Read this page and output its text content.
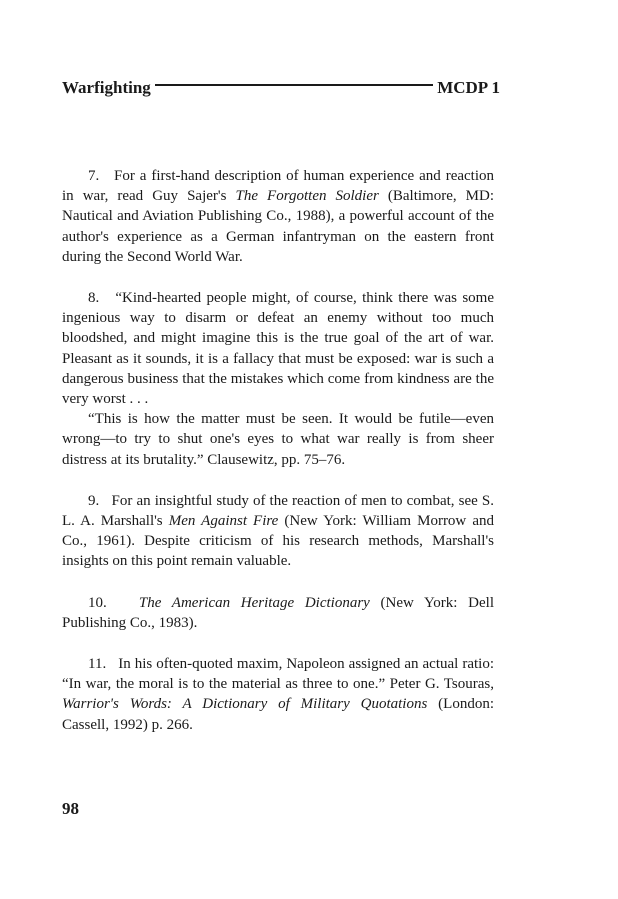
Warfighting	MCDP 1

7. For a first-hand description of human experience and reaction in war, read Guy Sajer's The Forgotten Soldier (Baltimore, MD: Nautical and Aviation Publishing Co., 1988), a powerful account of the author's experience as a German infantryman on the eastern front during the Second World War.

8. “Kind-hearted people might, of course, think there was some ingenious way to disarm or defeat an enemy without too much bloodshed, and might imagine this is the true goal of the art of war. Pleasant as it sounds, it is a fallacy that must be exposed: war is such a dangerous business that the mistakes which come from kindness are the very worst . . .

“This is how the matter must be seen. It would be futile—even wrong—to try to shut one's eyes to what war really is from sheer distress at its brutality.” Clausewitz, pp. 75–76.

9. For an insightful study of the reaction of men to combat, see S. L. A. Marshall's Men Against Fire (New York: William Morrow and Co., 1961). Despite criticism of his research methods, Marshall's insights on this point remain valuable.

10. The American Heritage Dictionary (New York: Dell Publishing Co., 1983).

11. In his often-quoted maxim, Napoleon assigned an actual ratio: “In war, the moral is to the material as three to one.” Peter G. Tsouras, Warrior's Words: A Dictionary of Military Quotations (London: Cassell, 1992) p. 266.

98
